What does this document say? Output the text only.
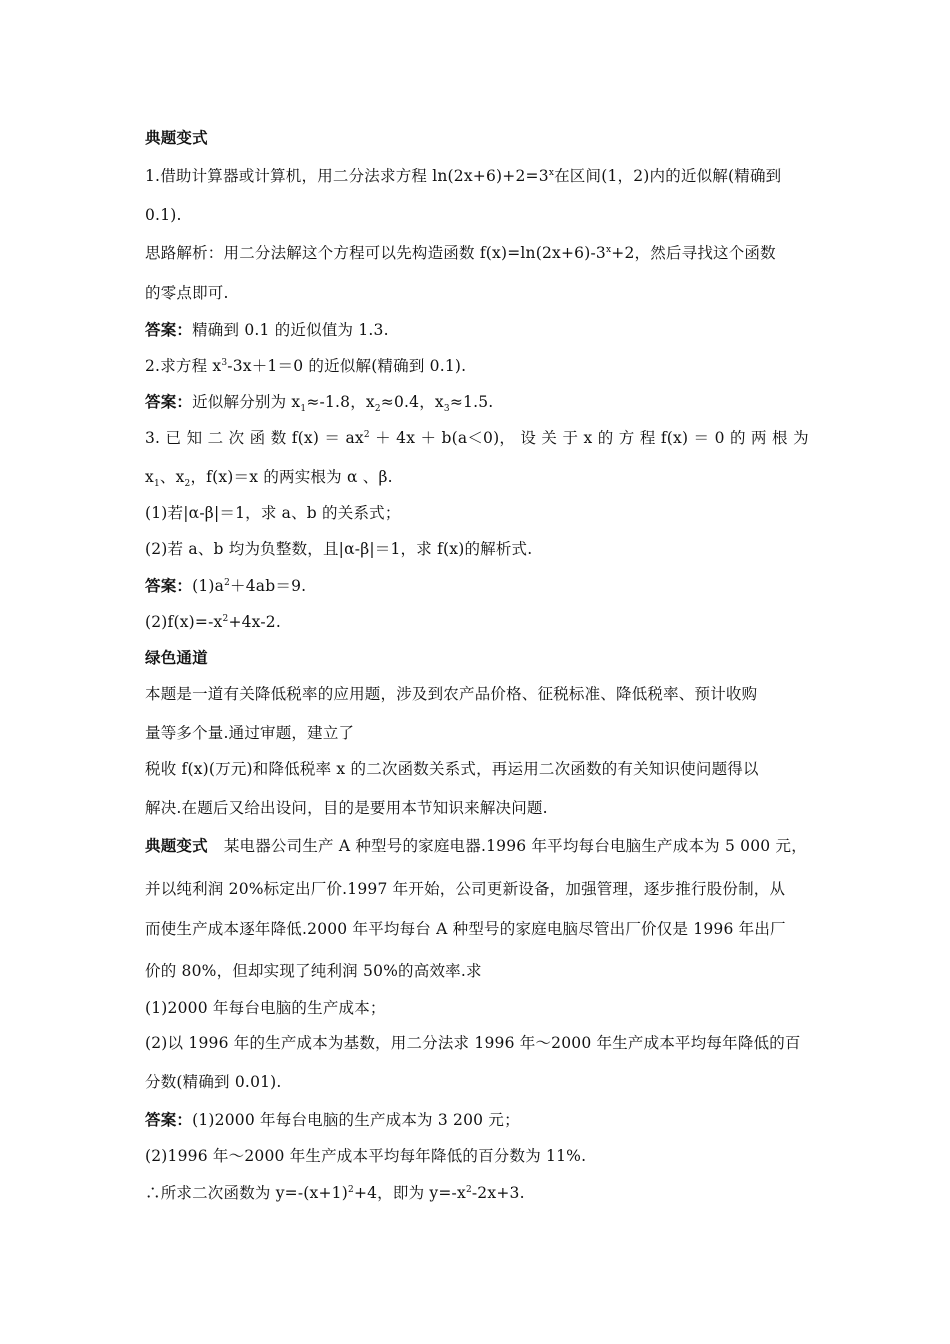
典题变式
1.借助计算器或计算机，用二分法求方程 $\ln(2x+6)+2=3^x$在区间(1，2)内的近似解(精确到
0.1).
思路解析：用二分法解这个方程可以先构造函数 $f(x)=\ln(2x+6)-3^x+2$，然后寻找这个函数
的零点即可.
答案：精确到 0.1 的近似值为 1.3.
2.求方程 $x^3-3x+1=0$ 的近似解(精确到 0.1).
答案：近似解分别为 $x_1\approx-1.8$，$x_2\approx 0.4$，$x_3\approx 1.5$.
3. 已 知 二 次 函 数 $f(x) = ax^2 + 4x + b(a<0)$， 设 关 于 x 的 方 程 f(x) ＝ 0 的 两 根 为
$x_1$、$x_2$，f(x)＝x 的两实根为 α 、β.
(1)若|α-β|＝1，求 a、b 的关系式；
(2)若 a、b 均为负整数，且|α-β|＝1，求 f(x)的解析式.
答案：$(1)a^2+4ab=9$.
$(2)f(x)=-x^2+4x-2$.
绿色通道
本题是一道有关降低税率的应用题，涉及到农产品价格、征税标准、降低税率、预计收购
量等多个量.通过审题，建立了
税收 f(x)(万元)和降低税率 x 的二次函数关系式，再运用二次函数的有关知识使问题得以
解决.在题后又给出设问，目的是要用本节知识来解决问题.
典题变式 某电器公司生产 A 种型号的家庭电器.1996 年平均每台电脑生产成本为 5 000 元，
并以纯利润 20%标定出厂价.1997 年开始，公司更新设备，加强管理，逐步推行股份制，从
而使生产成本逐年降低.2000 年平均每台 A 种型号的家庭电脑尽管出厂价仅是 1996 年出厂
价的 80%，但却实现了纯利润 50%的高效率.求
(1)2000 年每台电脑的生产成本；
(2)以 1996 年的生产成本为基数，用二分法求 1996 年～2000 年生产成本平均每年降低的百
分数(精确到 0.01).
答案：(1)2000 年每台电脑的生产成本为 3 200 元；
(2)1996 年～2000 年生产成本平均每年降低的百分数为 11%.
∴所求二次函数为 $y=-(x+1)^2+4$，即为 $y=-x^2-2x+3$.
